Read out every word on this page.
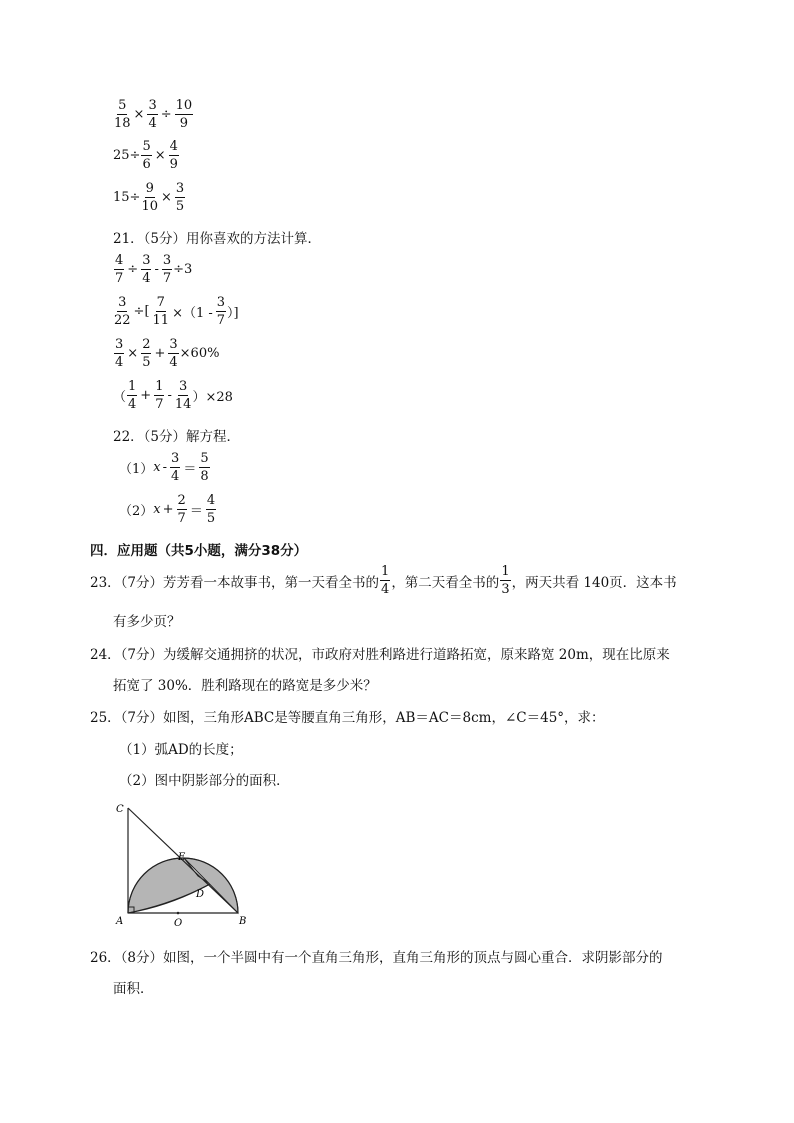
$\frac{5}{18} \times \frac{3}{4} \div \frac{10}{9}$
$25\div \frac{5}{6} \times \frac{4}{9}$
$15\div \frac{9}{10} \times \frac{3}{5}$
21．（5分）用你喜欢的方法计算．
$\frac{4}{7} \div \frac{3}{4} - \frac{3}{7} \div 3$
$\frac{3}{22}$ ÷[ $\frac{7}{11} \times(1 - \frac{3}{7}$ ）]
$\frac{3}{4} \times \frac{2}{5} + \frac{3}{4} \times 60\%$
（ $\frac{1}{4} + \frac{1}{7} - \frac{3}{14} )\times 28$
22．（5分）解方程．
（1） $x - \frac{3}{4} = \frac{5}{8}$
（2） $x + \frac{2}{7} = \frac{4}{5}$
四．应用题（共5小题，满分38分）
23．（7分）芳芳看一本故事书，第一天看全书的 $\frac{1}{4}$ ，第二天看全书的 $\frac{1}{3}$ ，两天共看 140页．这本书
有多少页？
24．（7分）为缓解交通拥挤的状况，市政府对胜利路进行道路拓宽，原来路宽 20m，现在比原来
拓宽了 30%．胜利路现在的路宽是多少米？
25．（7分）如图，三角形ABC是等腰直角三角形，AB＝AC＝8cm，∠C＝45°，求：
（1）弧AD的长度；
（2）图中阴影部分的面积．
C
E
D
A	O	B
26．（8分）如图，一个半圆中有一个直角三角形，直角三角形的顶点与圆心重合．求阴影部分的
面积．
